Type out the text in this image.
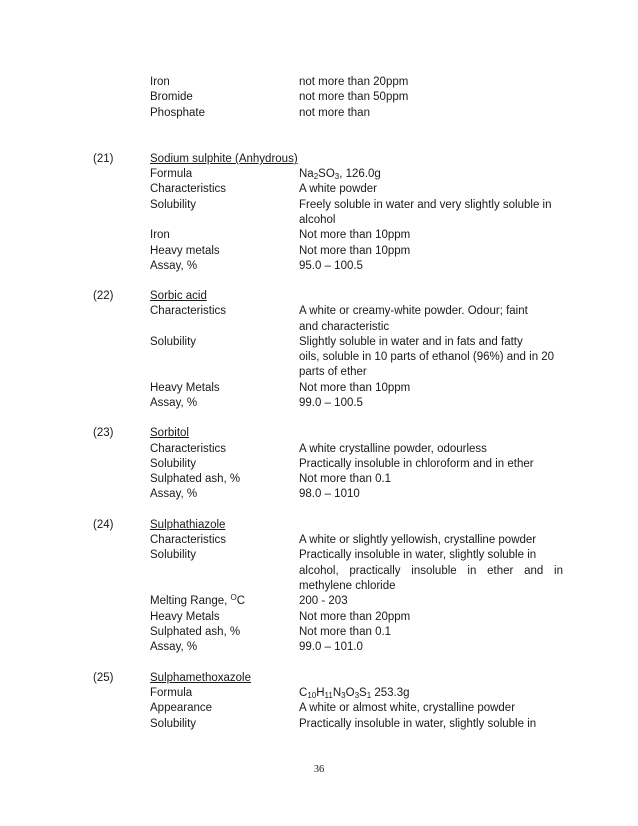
Iron	not more than 20ppm
Bromide	not more than 50ppm
Phosphate	not more than
(21)	Sodium sulphite (Anhydrous)
Formula	$Na_2SO_3$, 126.0g
Characteristics	A white powder
Solubility	Freely soluble in water and very slightly soluble in
alcohol
Iron	Not more than 10ppm
Heavy metals	Not more than 10ppm
Assay, %	95.0 – 100.5
(22)	Sorbic acid
Characteristics	A white or creamy-white powder. Odour; faint
and characteristic
Solubility	Slightly soluble in water and in fats and fatty
oils, soluble in 10 parts of ethanol (96%) and in 20
parts of ether
Heavy Metals	Not more than 10ppm
Assay, %	99.0 – 100.5
(23)	Sorbitol
Characteristics	A white crystalline powder, odourless
Solubility	Practically insoluble in chloroform and in ether
Sulphated ash, %	Not more than 0.1
Assay, %	98.0 – 1010
(24)	Sulphathiazole
Characteristics	A white or slightly yellowish, crystalline powder
Solubility	Practically insoluble in water, slightly soluble in
alcohol, practically insoluble in ether and in
methylene chloride
Melting Range, $^O$C	200 - 203
Heavy Metals	Not more than 20ppm
Sulphated ash, %	Not more than 0.1
Assay, %	99.0 – 101.0
(25)	Sulphamethoxazole
Formula	$C_{10}H_{11}N_3O_3S_1$ 253.3g
Appearance	A white or almost white, crystalline powder
Solubility	Practically insoluble in water, slightly soluble in
36
